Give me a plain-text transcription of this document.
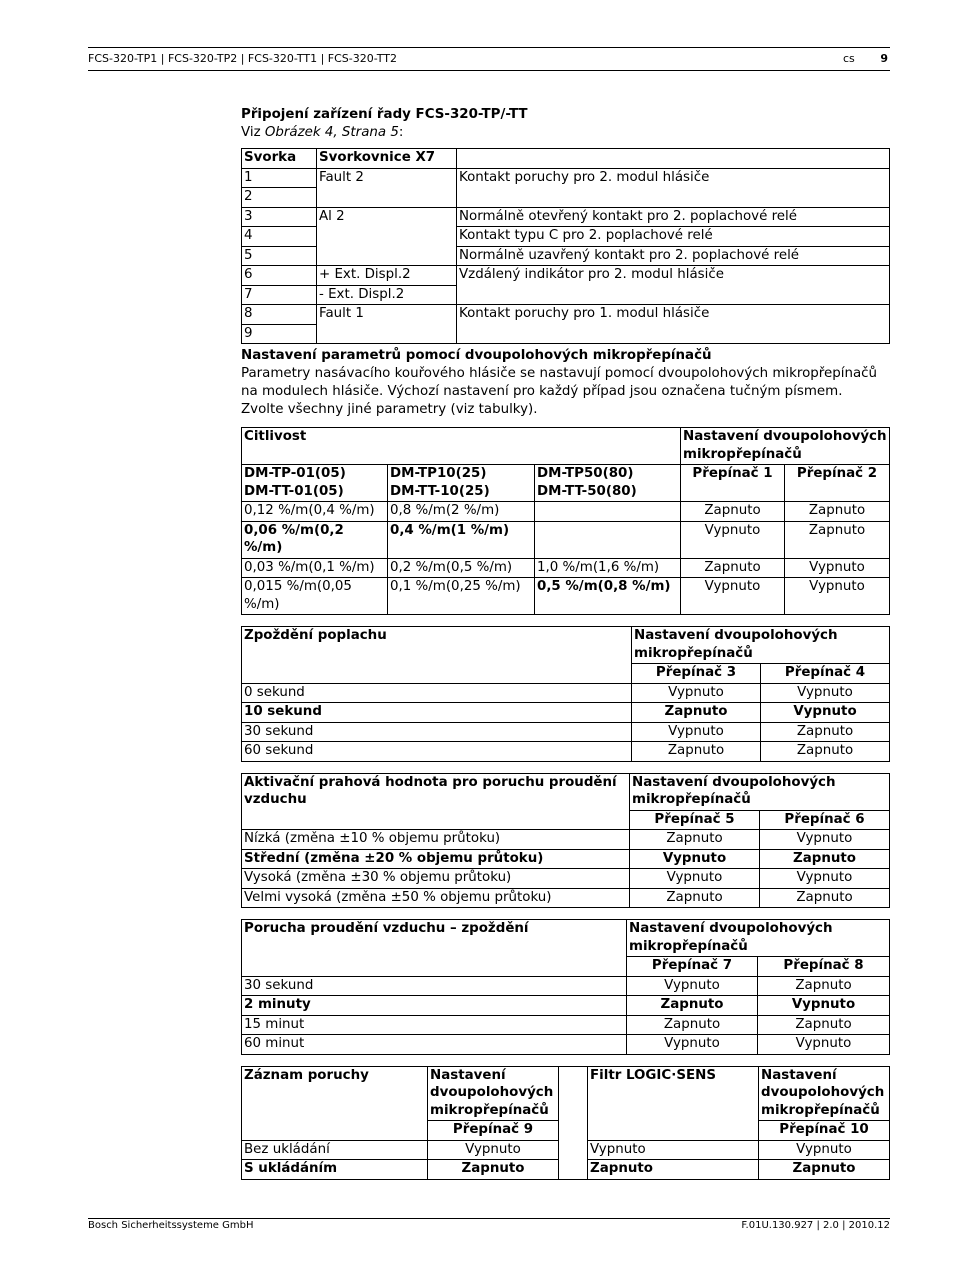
FCS-320-TP1 | FCS-320-TP2 | FCS-320-TT1 | FCS-320-TT2	cs 9

Připojení zařízení řady FCS-320-TP/-TT

Viz Obrázek 4, Strana 5:

Svorka	Svorkovnice X7	
1	Fault 2	Kontakt poruchy pro 2. modul hlásiče
2		
3	Al 2	Normálně otevřený kontakt pro 2. poplachové relé
4		Kontakt typu C pro 2. poplachové relé
5		Normálně uzavřený kontakt pro 2. poplachové relé
6	+ Ext. Displ.2	Vzdálený indikátor pro 2. modul hlásiče
7	- Ext. Displ.2	
8	Fault 1	Kontakt poruchy pro 1. modul hlásiče
9		

Nastavení parametrů pomocí dvoupolohových mikropřepínačů

Parametry nasávacího kouřového hlásiče se nastavují pomocí dvoupolohových mikropřepínačů

na modulech hlásiče. Výchozí nastavení pro každý případ jsou označena tučným písmem.

Zvolte všechny jiné parametry (viz tabulky).

Citlivost			Nastavení dvoupolohových
mikropřepínačů	
DM-TP-01(05)
DM-TT-01(05)	DM-TP10(25)
DM-TT-10(25)	DM-TP50(80)
DM-TT-50(80)	Přepínač 1	Přepínač 2
0,12 %/m(0,4 %/m)	0,8 %/m(2 %/m)		Zapnuto	Zapnuto
0,06 %/m(0,2 %/m)	0,4 %/m(1 %/m)		Vypnuto	Zapnuto
0,03 %/m(0,1 %/m)	0,2 %/m(0,5 %/m)	1,0 %/m(1,6 %/m)	Zapnuto	Vypnuto
0,015 %/m(0,05 %/m)	0,1 %/m(0,25 %/m)	0,5 %/m(0,8 %/m)	Vypnuto	Vypnuto
Zpoždění poplachu	Nastavení dvoupolohových
mikropřepínačů	
	Přepínač 3	Přepínač 4
0 sekund	Vypnuto	Vypnuto
10 sekund	Zapnuto	Vypnuto
30 sekund	Vypnuto	Zapnuto
60 sekund	Zapnuto	Zapnuto
Aktivační prahová hodnota pro poruchu proudění
vzduchu	Nastavení dvoupolohových
mikropřepínačů	
	Přepínač 5	Přepínač 6
Nízká (změna ±10 % objemu průtoku)	Zapnuto	Vypnuto
Střední (změna ±20 % objemu průtoku)	Vypnuto	Zapnuto
Vysoká (změna ±30 % objemu průtoku)	Vypnuto	Vypnuto
Velmi vysoká (změna ±50 % objemu průtoku)	Zapnuto	Zapnuto
Porucha proudění vzduchu – zpoždění	Nastavení dvoupolohových
mikropřepínačů	
	Přepínač 7	Přepínač 8
30 sekund	Vypnuto	Zapnuto
2 minuty	Zapnuto	Vypnuto
15 minut	Zapnuto	Zapnuto
60 minut	Vypnuto	Vypnuto
Záznam poruchy	Nastavení
dvoupolohových
mikropřepínačů		Filtr LOGIC·SENS	Nastavení
dvoupolohových
mikropřepínačů
	Přepínač 9			Přepínač 10
Bez ukládání	Vypnuto		Vypnuto	Vypnuto
S ukládáním	Zapnuto		Zapnuto	Zapnuto
Bosch Sicherheitssysteme GmbH	F.01U.130.927 | 2.0 | 2010.12
